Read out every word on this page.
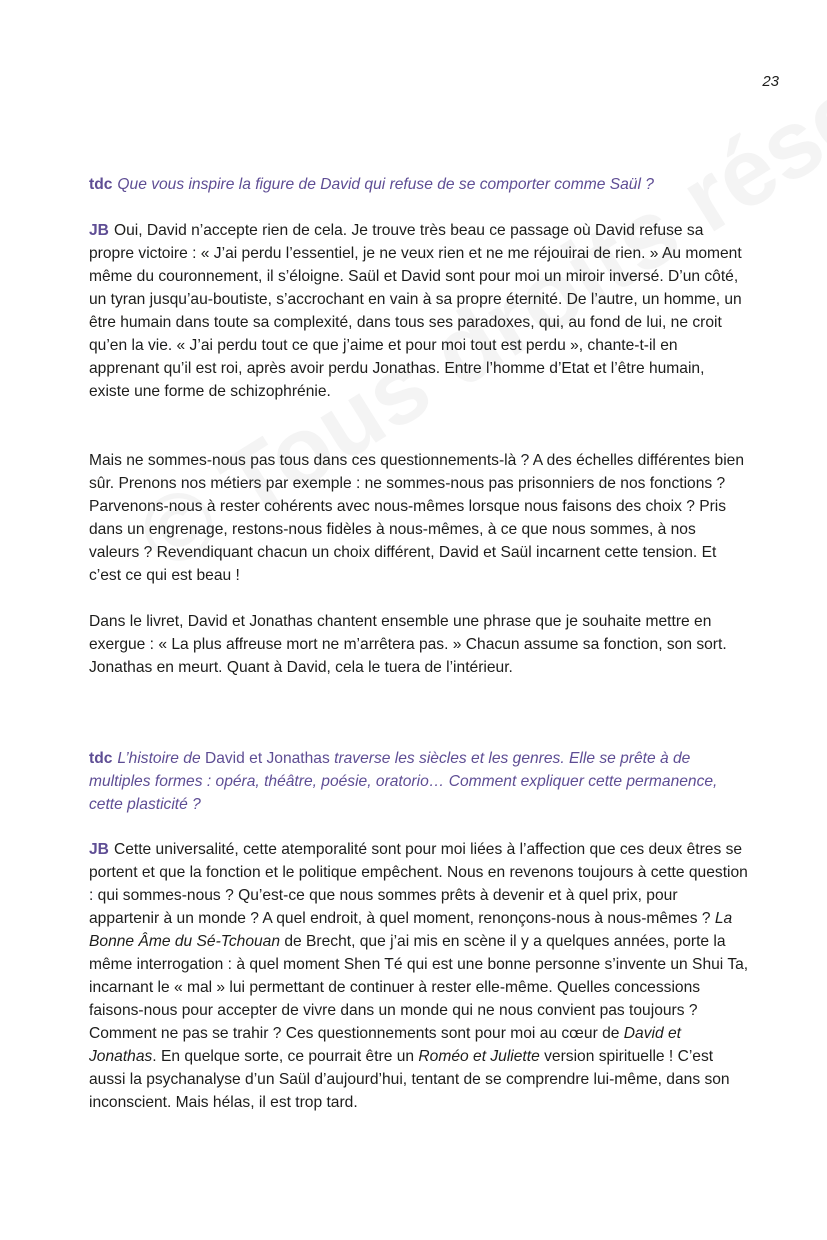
23

tdc Que vous inspire la figure de David qui refuse de se comporter comme Saül ?

JB Oui, David n’accepte rien de cela. Je trouve très beau ce passage où David refuse sa propre victoire : « J’ai perdu l’essentiel, je ne veux rien et ne me réjouirai de rien. » Au moment même du couronnement, il s’éloigne. Saül et David sont pour moi un miroir inversé. D’un côté, un tyran jusqu’au-boutiste, s’accrochant en vain à sa propre éternité. De l’autre, un homme, un être humain dans toute sa complexité, dans tous ses paradoxes, qui, au fond de lui, ne croit qu’en la vie. « J’ai perdu tout ce que j’aime et pour moi tout est perdu », chante-t-il en apprenant qu’il est roi, après avoir perdu Jonathas. Entre l’homme d’Etat et l’être humain, existe une forme de schizophrénie.

Mais ne sommes-nous pas tous dans ces questionnements-là ? A des échelles différentes bien sûr. Prenons nos métiers par exemple : ne sommes-nous pas prisonniers de nos fonctions ? Parvenons-nous à rester cohérents avec nous-mêmes lorsque nous faisons des choix ? Pris dans un engrenage, restons-nous fidèles à nous-mêmes, à ce que nous sommes, à nos valeurs ? Revendiquant chacun un choix différent, David et Saül incarnent cette tension. Et c’est ce qui est beau !

Dans le livret, David et Jonathas chantent ensemble une phrase que je souhaite mettre en exergue : « La plus affreuse mort ne m’arrêtera pas. » Chacun assume sa fonction, son sort. Jonathas en meurt. Quant à David, cela le tuera de l’intérieur.

tdc L’histoire de David et Jonathas traverse les siècles et les genres. Elle se prête à de multiples formes : opéra, théâtre, poésie, oratorio… Comment expliquer cette permanence, cette plasticité ?

JB Cette universalité, cette atemporalité sont pour moi liées à l’affection que ces deux êtres se portent et que la fonction et le politique empêchent. Nous en revenons toujours à cette question : qui sommes-nous ? Qu’est-ce que nous sommes prêts à devenir et à quel prix, pour appartenir à un monde ? A quel endroit, à quel moment, renonçons-nous à nous-mêmes ? La Bonne Âme du Sé-Tchouan de Brecht, que j’ai mis en scène il y a quelques années, porte la même interrogation : à quel moment Shen Té qui est une bonne personne s’invente un Shui Ta, incarnant le « mal » lui permettant de continuer à rester elle-même. Quelles concessions faisons-nous pour accepter de vivre dans un monde qui ne nous convient pas toujours ? Comment ne pas se trahir ? Ces questionnements sont pour moi au cœur de David et Jonathas. En quelque sorte, ce pourrait être un Roméo et Juliette version spirituelle ! C’est aussi la psychanalyse d’un Saül d’aujourd’hui, tentant de se comprendre lui-même, dans son inconscient. Mais hélas, il est trop tard.
